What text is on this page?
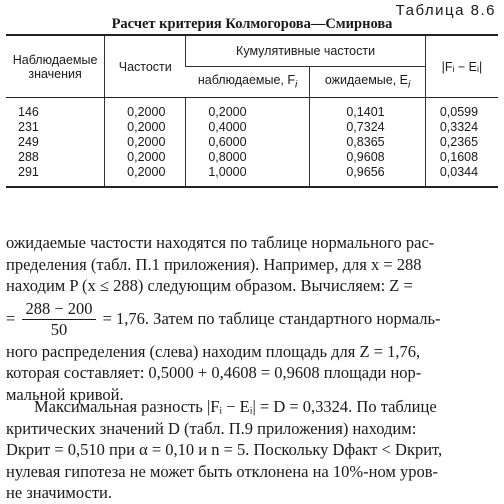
Таблица 8.6
Расчет критерия Колмогорова—Смирнова
Наблюдаемые значения	Частости	Кумулятивные частости		|Fᵢ − Eᵢ|
		наблюдаемые, $F_i$	ожидаемые, $E_i$
146	0,2000	0,2000	0,1401	0,0599
231	0,2000	0,4000	0,7324	0,3324
249	0,2000	0,6000	0,8365	0,2365
288	0,2000	0,8000	0,9608	0,1608
291	0,2000	1,0000	0,9656	0,0344
ожидаемые частости находятся по таблице нормального рас-
пределения (табл. П.1 приложения). Например, для x = 288
находим P (x ≤ 288) следующим образом. Вычисляем: Z =
= $\frac{288 - 200}{50} = 1,76$. Затем по таблице стандартного нормаль-
ного распределения (слева) находим площадь для Z = 1,76,
которая составляет: 0,5000 + 0,4608 = 0,9608 площади нор-
мальной кривой.
Максимальная разность |Fᵢ − Eᵢ| = D = 0,3324. По таблице
критических значений D (табл. П.9 приложения) находим:
Dкрит = 0,510 при α = 0,10 и n = 5. Поскольку Dфакт < Dкрит,
нулевая гипотеза не может быть отклонена на 10%-ном уров-
не значимости.
